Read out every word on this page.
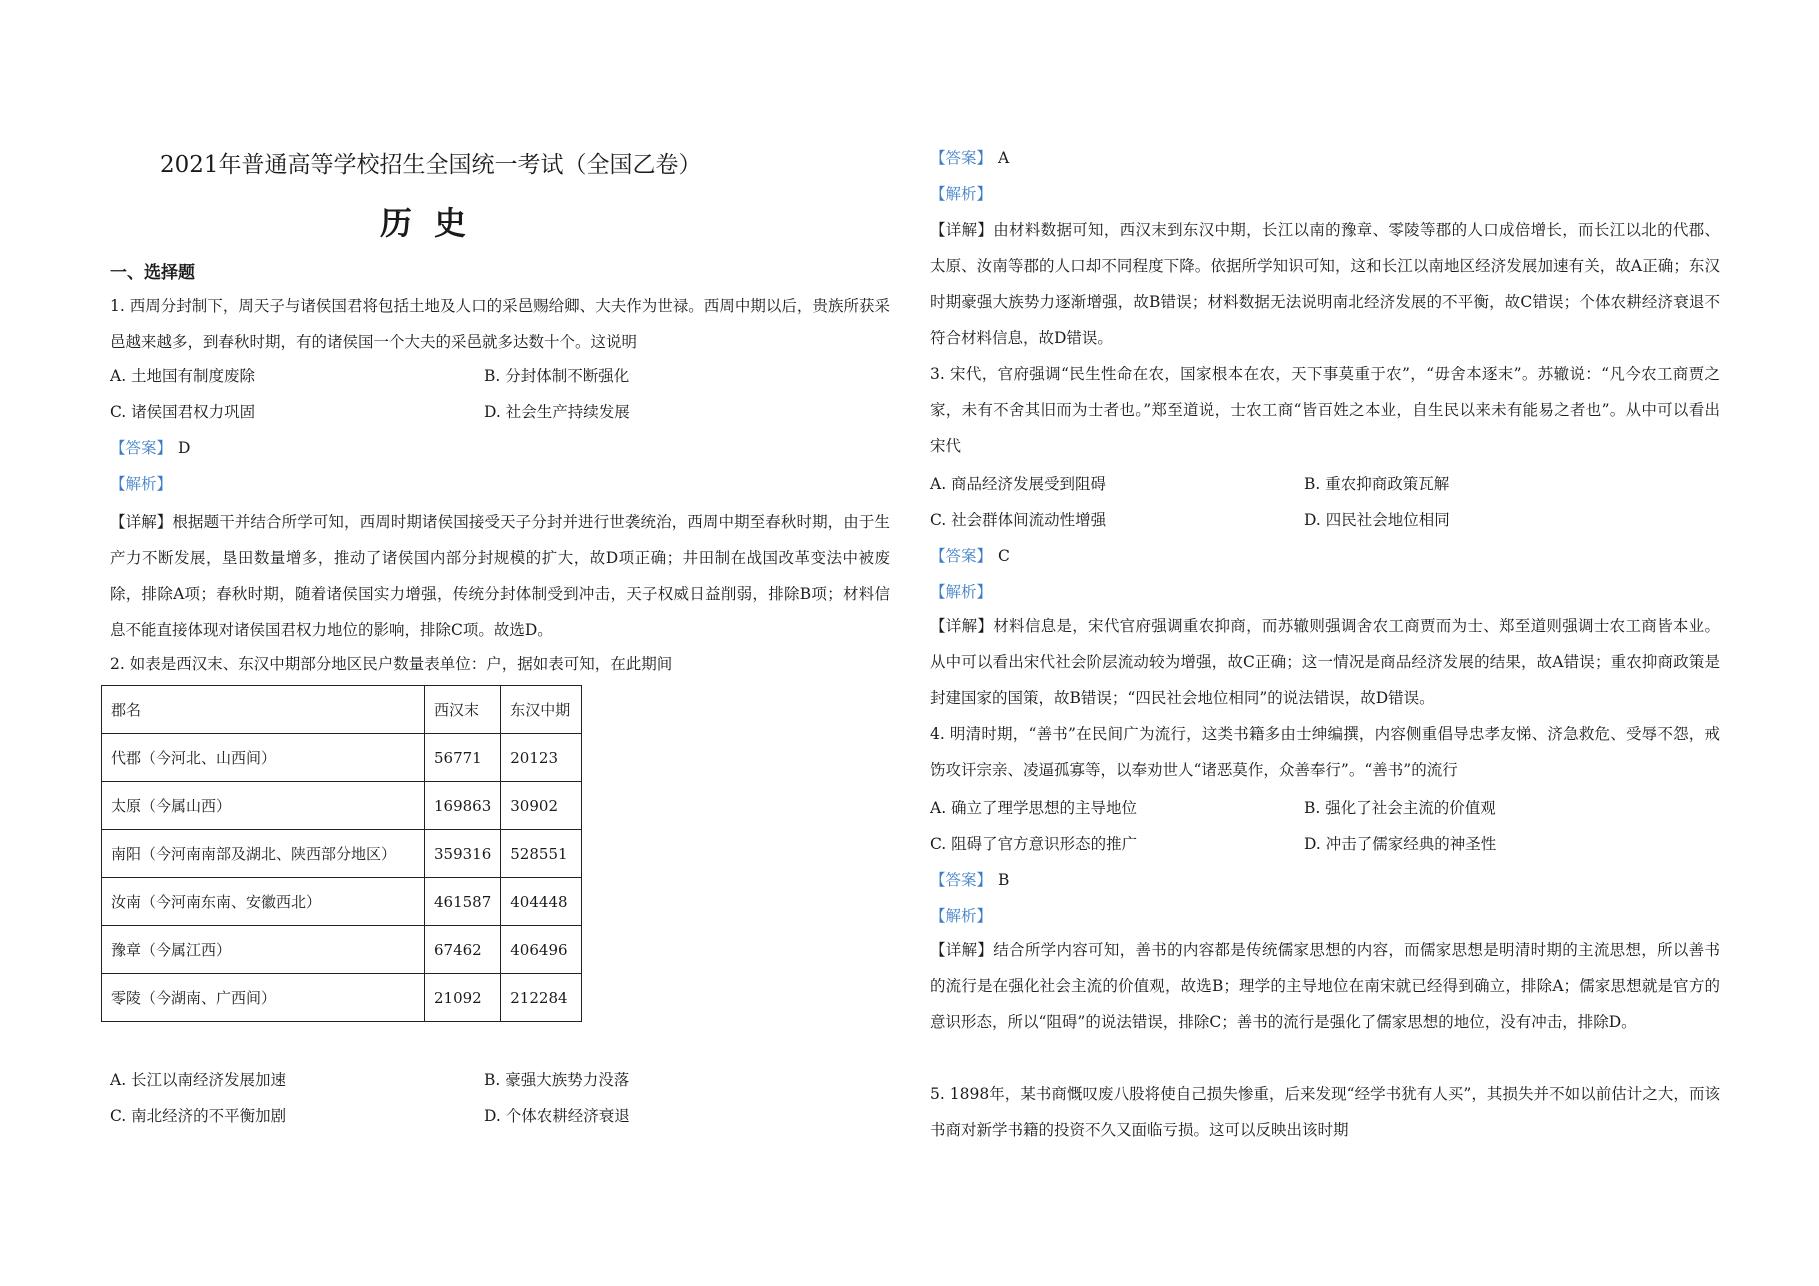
2021年普通高等学校招生全国统一考试（全国乙卷）
历史
一、选择题
1. 西周分封制下，周天子与诸侯国君将包括土地及人口的采邑赐给卿、大夫作为世禄。西周中期以后，贵族所获采邑越来越多，到春秋时期，有的诸侯国一个大夫的采邑就多达数十个。这说明
A. 土地国有制度废除	B. 分封体制不断强化
C. 诸侯国君权力巩固	D. 社会生产持续发展
【答案】 D
【解析】
【详解】根据题干并结合所学可知，西周时期诸侯国接受天子分封并进行世袭统治，西周中期至春秋时期，由于生产力不断发展，垦田数量增多，推动了诸侯国内部分封规模的扩大，故D项正确；井田制在战国改革变法中被废除，排除A项；春秋时期，随着诸侯国实力增强，传统分封体制受到冲击，天子权威日益削弱，排除B项；材料信息不能直接体现对诸侯国君权力地位的影响，排除C项。故选D。
2. 如表是西汉末、东汉中期部分地区民户数量表单位：户，据如表可知，在此期间
郡名	西汉末	东汉中期
代郡（今河北、山西间）	56771	20123
太原（今属山西）	169863	30902
南阳（今河南南部及湖北、陕西部分地区）	359316	528551
汝南（今河南东南、安徽西北）	461587	404448
豫章（今属江西）	67462	406496
零陵（今湖南、广西间）	21092	212284
A. 长江以南经济发展加速	B. 豪强大族势力没落
C. 南北经济的不平衡加剧	D. 个体农耕经济衰退
【答案】 A
【解析】
【详解】由材料数据可知，西汉末到东汉中期，长江以南的豫章、零陵等郡的人口成倍增长，而长江以北的代郡、太原、汝南等郡的人口却不同程度下降。依据所学知识可知，这和长江以南地区经济发展加速有关，故A正确；东汉时期豪强大族势力逐渐增强，故B错误；材料数据无法说明南北经济发展的不平衡，故C错误；个体农耕经济衰退不符合材料信息，故D错误。
3. 宋代，官府强调“民生性命在农，国家根本在农，天下事莫重于农”，“毋舍本逐末”。苏辙说：“凡今农工商贾之家，未有不舍其旧而为士者也。”郑至道说，士农工商“皆百姓之本业，自生民以来未有能易之者也”。从中可以看出宋代
A. 商品经济发展受到阻碍	B. 重农抑商政策瓦解
C. 社会群体间流动性增强	D. 四民社会地位相同
【答案】 C
【解析】
【详解】材料信息是，宋代官府强调重农抑商，而苏辙则强调舍农工商贾而为士、郑至道则强调士农工商皆本业。从中可以看出宋代社会阶层流动较为增强，故C正确；这一情况是商品经济发展的结果，故A错误；重农抑商政策是封建国家的国策，故B错误；“四民社会地位相同”的说法错误，故D错误。
4. 明清时期，“善书”在民间广为流行，这类书籍多由士绅编撰，内容侧重倡导忠孝友悌、济急救危、受辱不怨，戒饬攻讦宗亲、凌逼孤寡等，以奉劝世人“诸恶莫作，众善奉行”。“善书”的流行
A. 确立了理学思想的主导地位	B. 强化了社会主流的价值观
C. 阻碍了官方意识形态的推广	D. 冲击了儒家经典的神圣性
【答案】 B
【解析】
【详解】结合所学内容可知，善书的内容都是传统儒家思想的内容，而儒家思想是明清时期的主流思想，所以善书的流行是在强化社会主流的价值观，故选B；理学的主导地位在南宋就已经得到确立，排除A；儒家思想就是官方的意识形态，所以“阻碍”的说法错误，排除C；善书的流行是强化了儒家思想的地位，没有冲击，排除D。
5. 1898年，某书商慨叹废八股将使自己损失惨重，后来发现“经学书犹有人买”，其损失并不如以前估计之大，而该书商对新学书籍的投资不久又面临亏损。这可以反映出该时期
